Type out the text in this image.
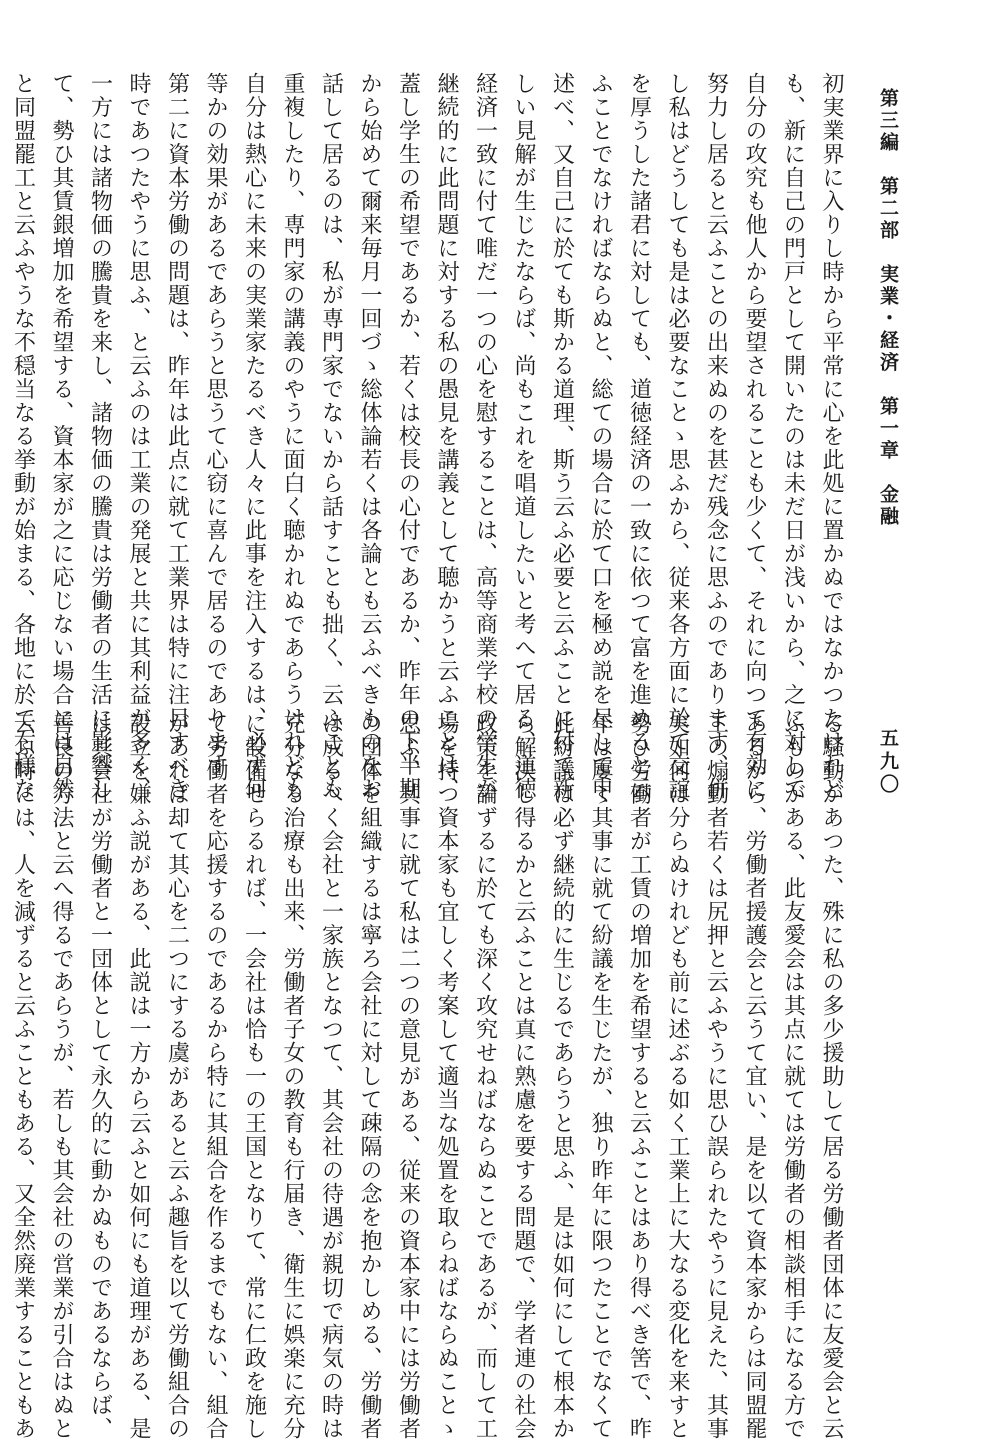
第三編　第二部　実業・経済　第一章　金融
五九〇
初実業界に入りし時から平常に心を此処に置かぬではなかつたけれど
も、新に自己の門戸として開いたのは未だ日が浅いから、之に対して
自分の攻究も他人から要望されることも少くて、それに向つて有効に
努力し居ると云ふことの出来ぬのを甚だ残念に思ふのであります、併
し私はどうしても是は必要なことゝ思ふから、従来各方面に於て交誼
を厚うした諸君に対しても、道徳経済の一致に依つて富を進めると云
ふことでなければならぬと、総ての場合に於て口を極め説を尽して申
述べ、又自己に於ても斯かる道理、斯う云ふ必要と云ふことに付て新
しい見解が生じたならば、尚もこれを唱道したいと考へて居る、道徳
経済一致に付て唯だ一つの心を慰することは、高等商業学校の学生が
継続的に此問題に対する私の愚見を講義として聴かうと云ふことは、
蓋し学生の希望であるか、若くは校長の心付であるか、昨年の下半期
から始めて爾来毎月一回づゝ総体論若くは各論とも云ふべきものをお
話して居るのは、私が専門家でないから話すことも拙く、云ふことも
重複したり、専門家の講義のやうに面白く聴かれぬであらうけれども
自分は熱心に未来の実業家たるべき人々に此事を注入するは、必ず何
等かの効果があるであらうと思うて心窃に喜んで居るのであります
第二に資本労働の問題は、昨年は此点に就て工業界は特に注目すべき
時であつたやうに思ふ、と云ふのは工業の発展と共に其利益が多く、
一方には諸物価の騰貴を来し、諸物価の騰貴は労働者の生活に影響し
て、勢ひ其賃銀増加を希望する、資本家が之に応じない場合には自然
と同盟罷工と云ふやうな不穏当なる挙動が始まる、各地に於て右様な
る騒動があつた、殊に私の多少援助して居る労働者団体に友愛会と云
ふものがある、此友愛会は其点に就ては労働者の相談相手になる方で
あるから、労働者援護会と云うて宜い、是を以て資本家からは同盟罷
工の煽動者若くは尻押と云ふやうに思ひ誤られたやうに見えた、其事
実如何は分らぬけれども前に述ぶる如く工業上に大なる変化を来すと
勢ひ労働者が工賃の増加を希望すると云ふことはあり得べき筈で、昨
年は屢〻其事に就て紛議を生じたが、独り昨年に限つたことでなくて
此紛議は必ず継続的に生じるであらうと思ふ、是は如何にして根本か
ら解決し得るかと云ふことは真に熟慮を要する問題で、学者連の社会
政策を論ずるに於ても深く攻究せねばならぬことであるが、而して工
場を持つ資本家も宜しく考案して適当な処置を取らねばならぬことゝ
思ふ、其事に就て私は二つの意見がある、従来の資本家中には労働者
の団体を組織するは寧ろ会社に対して疎隔の念を抱かしめる、労働者
は成るべく会社と一家族となつて、其会社の待遇が親切で病気の時は
充分なる治療も出来、労働者子女の教育も行届き、衛生に娯楽に充分
に設備せらるれば、一会社は恰も一の王国となりて、常に仁政を施し
て労働者を応援するのであるから特に其組合を作るまでもない、組合
があれば却て其心を二つにする虞があると云ふ趣旨を以て労働組合の
設立を嫌ふ説がある、此説は一方から云ふと如何にも道理がある、是
は其会社が労働者と一団体として永久的に動かぬものであるならば、
善良の方法と云へ得るであらうが、若しも其会社の営業が引合はぬと
云ふ時には、人を減ずると云ふこともある、又全然廃業することもあ
